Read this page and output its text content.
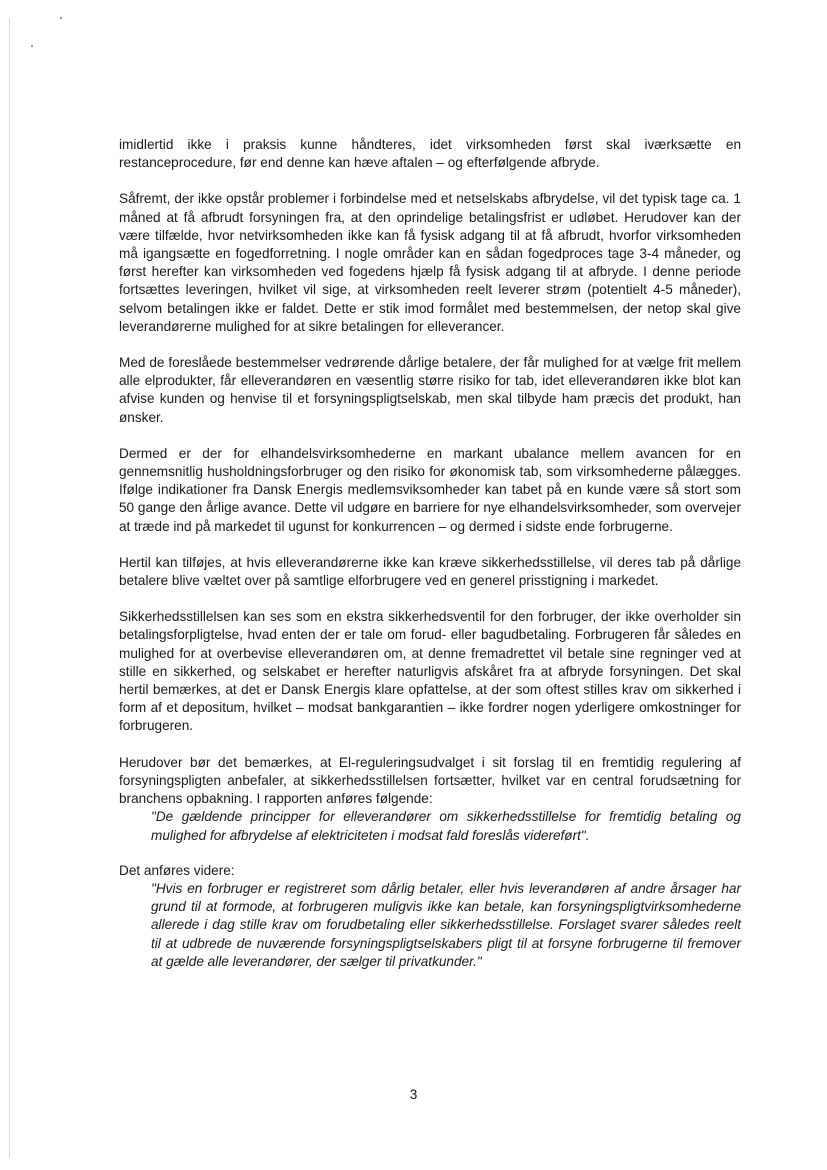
imidlertid ikke i praksis kunne håndteres, idet virksomheden først skal iværksætte en restanceprocedure, før end denne kan hæve aftalen – og efterfølgende afbryde.

Såfremt, der ikke opstår problemer i forbindelse med et netselskabs afbrydelse, vil det typisk tage ca. 1 måned at få afbrudt forsyningen fra, at den oprindelige betalingsfrist er udløbet. Herudover kan der være tilfælde, hvor netvirksomheden ikke kan få fysisk adgang til at få afbrudt, hvorfor virksomheden må igangsætte en fogedforretning. I nogle områder kan en sådan fogedproces tage 3-4 måneder, og først herefter kan virksomheden ved fogedens hjælp få fysisk adgang til at afbryde. I denne periode fortsættes leveringen, hvilket vil sige, at virksomheden reelt leverer strøm (potentielt 4-5 måneder), selvom betalingen ikke er faldet. Dette er stik imod formålet med bestemmelsen, der netop skal give leverandørerne mulighed for at sikre betalingen for elleverancer.

Med de foreslåede bestemmelser vedrørende dårlige betalere, der får mulighed for at vælge frit mellem alle elprodukter, får elleverandøren en væsentlig større risiko for tab, idet elleverandøren ikke blot kan afvise kunden og henvise til et forsyningspligtselskab, men skal tilbyde ham præcis det produkt, han ønsker.

Dermed er der for elhandelsvirksomhederne en markant ubalance mellem avancen for en gennemsnitlig husholdningsforbruger og den risiko for økonomisk tab, som virksomhederne pålægges. Ifølge indikationer fra Dansk Energis medlemsviksomheder kan tabet på en kunde være så stort som 50 gange den årlige avance. Dette vil udgøre en barriere for nye elhandelsvirksomheder, som overvejer at træde ind på markedet til ugunst for konkurrencen – og dermed i sidste ende forbrugerne.

Hertil kan tilføjes, at hvis elleverandørerne ikke kan kræve sikkerhedsstillelse, vil deres tab på dårlige betalere blive væltet over på samtlige elforbrugere ved en generel prisstigning i markedet.

Sikkerhedsstillelsen kan ses som en ekstra sikkerhedsventil for den forbruger, der ikke overholder sin betalingsforpligtelse, hvad enten der er tale om forud- eller bagudbetaling. Forbrugeren får således en mulighed for at overbevise elleverandøren om, at denne fremadrettet vil betale sine regninger ved at stille en sikkerhed, og selskabet er herefter naturligvis afskåret fra at afbryde forsyningen. Det skal hertil bemærkes, at det er Dansk Energis klare opfattelse, at der som oftest stilles krav om sikkerhed i form af et depositum, hvilket – modsat bankgarantien – ikke fordrer nogen yderligere omkostninger for forbrugeren.

Herudover bør det bemærkes, at El-reguleringsudvalget i sit forslag til en fremtidig regulering af forsyningspligten anbefaler, at sikkerhedsstillelsen fortsætter, hvilket var en central forudsætning for branchens opbakning. I rapporten anføres følgende:

"De gældende principper for elleverandører om sikkerhedsstillelse for fremtidig betaling og mulighed for afbrydelse af elektriciteten i modsat fald foreslås videreført".

Det anføres videre:

"Hvis en forbruger er registreret som dårlig betaler, eller hvis leverandøren af andre årsager har grund til at formode, at forbrugeren muligvis ikke kan betale, kan forsyningspligtvirksomhederne allerede i dag stille krav om forudbetaling eller sikkerhedsstillelse. Forslaget svarer således reelt til at udbrede de nuværende forsyningspligtselskabers pligt til at forsyne forbrugerne til fremover at gælde alle leverandører, der sælger til privatkunder."

3
